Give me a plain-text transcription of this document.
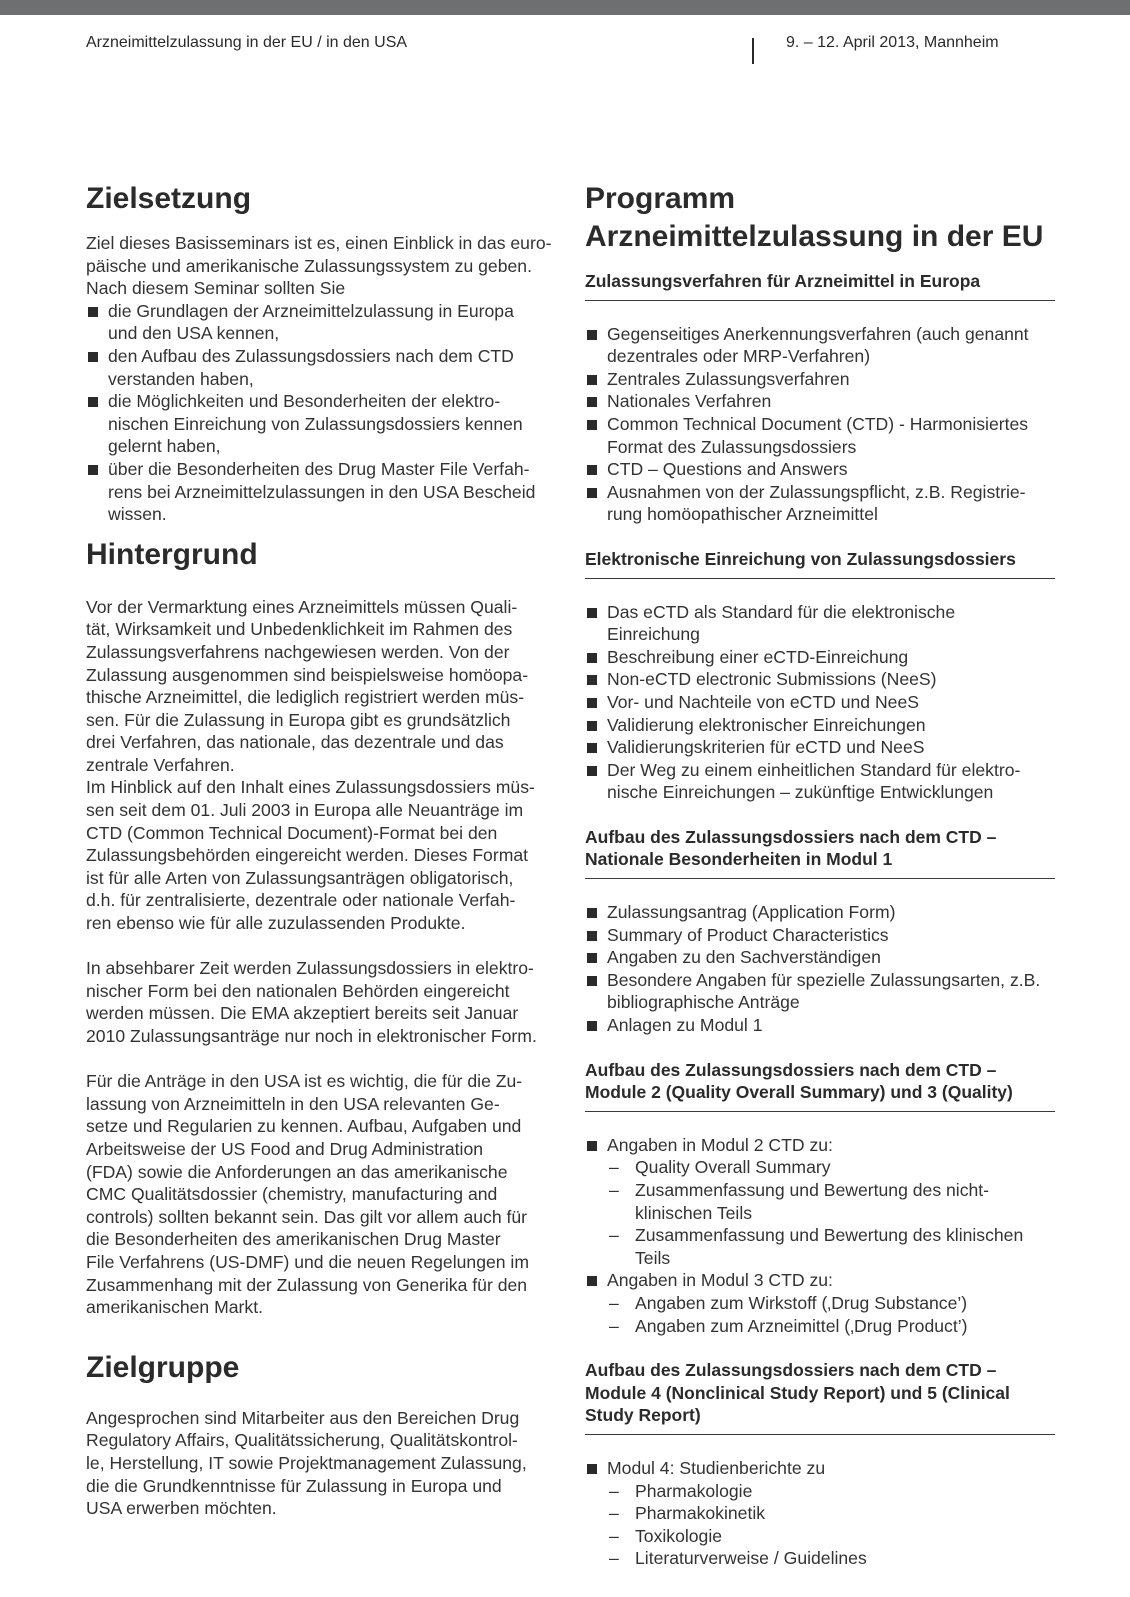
Arzneimittelzulassung in der EU / in den USA	9. – 12. April 2013, Mannheim
Zielsetzung
Ziel dieses Basisseminars ist es, einen Einblick in das euro-
päische und amerikanische Zulassungssystem zu geben.
Nach diesem Seminar sollten Sie
die Grundlagen der Arzneimittelzulassung in Europa
und den USA kennen,
den Aufbau des Zulassungsdossiers nach dem CTD
verstanden haben,
die Möglichkeiten und Besonderheiten der elektro-
nischen Einreichung von Zulassungsdossiers kennen
gelernt haben,
über die Besonderheiten des Drug Master File Verfah-
rens bei Arzneimittelzulassungen in den USA Bescheid
wissen.
Hintergrund
Vor der Vermarktung eines Arzneimittels müssen Quali-
tät, Wirksamkeit und Unbedenklichkeit im Rahmen des
Zulassungsverfahrens nachgewiesen werden. Von der
Zulassung ausgenommen sind beispielsweise homöopa-
thische Arzneimittel, die lediglich registriert werden müs-
sen. Für die Zulassung in Europa gibt es grundsätzlich
drei Verfahren, das nationale, das dezentrale und das
zentrale Verfahren.
Im Hinblick auf den Inhalt eines Zulassungsdossiers müs-
sen seit dem 01. Juli 2003 in Europa alle Neuanträge im
CTD (Common Technical Document)-Format bei den
Zulassungsbehörden eingereicht werden. Dieses Format
ist für alle Arten von Zulassungsanträgen obligatorisch,
d.h. für zentralisierte, dezentrale oder nationale Verfah-
ren ebenso wie für alle zuzulassenden Produkte.
In absehbarer Zeit werden Zulassungsdossiers in elektro-
nischer Form bei den nationalen Behörden eingereicht
werden müssen. Die EMA akzeptiert bereits seit Januar
2010 Zulassungsanträge nur noch in elektronischer Form.
Für die Anträge in den USA ist es wichtig, die für die Zu-
lassung von Arzneimitteln in den USA relevanten Ge-
setze und Regularien zu kennen. Aufbau, Aufgaben und
Arbeitsweise der US Food and Drug Administration
(FDA) sowie die Anforderungen an das amerikanische
CMC Qualitätsdossier (chemistry, manufacturing and
controls) sollten bekannt sein. Das gilt vor allem auch für
die Besonderheiten des amerikanischen Drug Master
File Verfahrens (US-DMF) und die neuen Regelungen im
Zusammenhang mit der Zulassung von Generika für den
amerikanischen Markt.
Zielgruppe
Angesprochen sind Mitarbeiter aus den Bereichen Drug
Regulatory Affairs, Qualitätssicherung, Qualitätskontrol-
le, Herstellung, IT sowie Projektmanagement Zulassung,
die die Grundkenntnisse für Zulassung in Europa und
USA erwerben möchten.
Programm
Arzneimittelzulassung in der EU
Zulassungsverfahren für Arzneimittel in Europa
Gegenseitiges Anerkennungsverfahren (auch genannt
dezentrales oder MRP-Verfahren)
Zentrales Zulassungsverfahren
Nationales Verfahren
Common Technical Document (CTD) - Harmonisiertes
Format des Zulassungsdossiers
CTD – Questions and Answers
Ausnahmen von der Zulassungspflicht, z.B. Registrie-
rung homöopathischer Arzneimittel
Elektronische Einreichung von Zulassungsdossiers
Das eCTD als Standard für die elektronische
Einreichung
Beschreibung einer eCTD-Einreichung
Non-eCTD electronic Submissions (NeeS)
Vor- und Nachteile von eCTD und NeeS
Validierung elektronischer Einreichungen
Validierungskriterien für eCTD und NeeS
Der Weg zu einem einheitlichen Standard für elektro-
nische Einreichungen – zukünftige Entwicklungen
Aufbau des Zulassungsdossiers nach dem CTD –
Nationale Besonderheiten in Modul 1
Zulassungsantrag (Application Form)
Summary of Product Characteristics
Angaben zu den Sachverständigen
Besondere Angaben für spezielle Zulassungsarten, z.B.
bibliographische Anträge
Anlagen zu Modul 1
Aufbau des Zulassungsdossiers nach dem CTD –
Module 2 (Quality Overall Summary) und 3 (Quality)
Angaben in Modul 2 CTD zu:
– Quality Overall Summary
– Zusammenfassung und Bewertung des nicht-
klinischen Teils
– Zusammenfassung und Bewertung des klinischen
Teils
Angaben in Modul 3 CTD zu:
– Angaben zum Wirkstoff (‚Drug Substance’)
– Angaben zum Arzneimittel (‚Drug Product’)
Aufbau des Zulassungsdossiers nach dem CTD –
Module 4 (Nonclinical Study Report) und 5 (Clinical
Study Report)
Modul 4: Studienberichte zu
– Pharmakologie
– Pharmakokinetik
– Toxikologie
– Literaturverweise / Guidelines
